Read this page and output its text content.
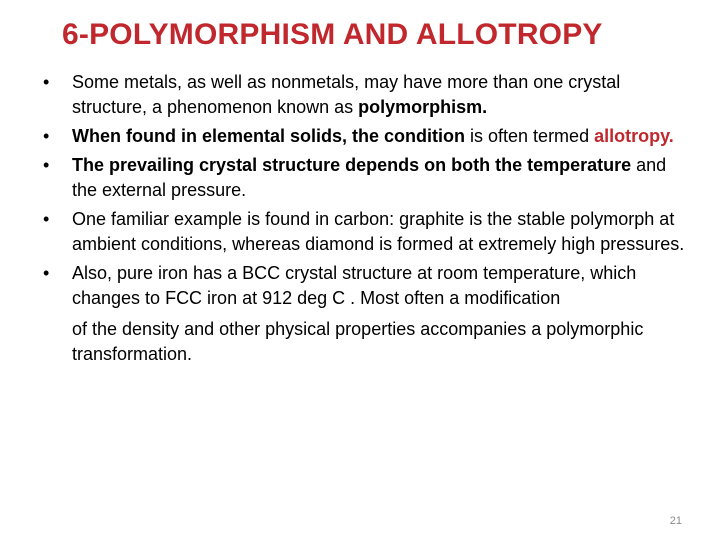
6-POLYMORPHISM AND ALLOTROPY
• Some metals, as well as nonmetals, may have more than one crystal structure, a phenomenon known as polymorphism.
• When found in elemental solids, the condition is often termed allotropy.
• The prevailing crystal structure depends on both the temperature and the external pressure.
• One familiar example is found in carbon: graphite is the stable polymorph at ambient conditions, whereas diamond is formed at extremely high pressures.
• Also, pure iron has a BCC crystal structure at room temperature, which changes to FCC iron at 912 deg C . Most often a modification
of the density and other physical properties accompanies a polymorphic transformation.
21
